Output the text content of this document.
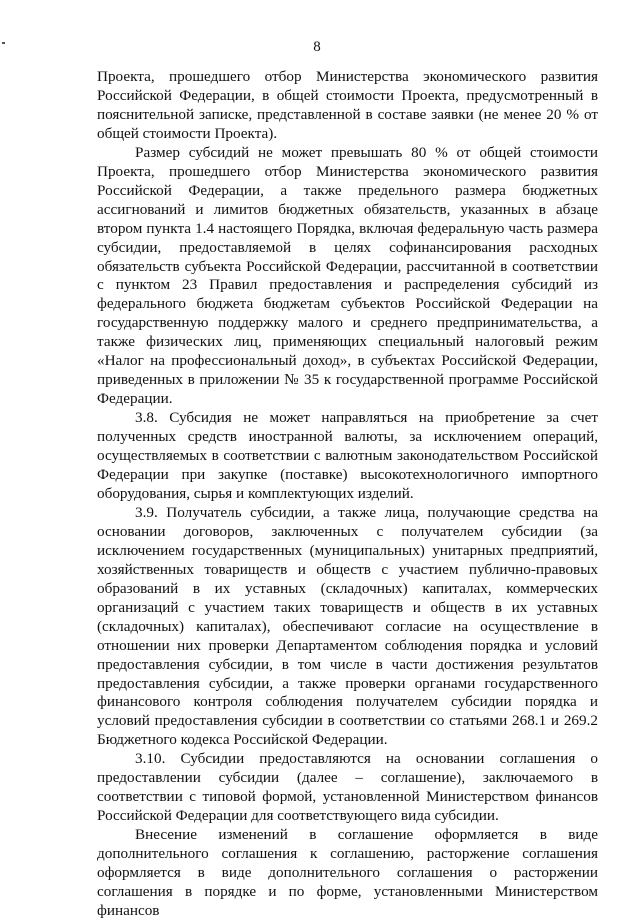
8

Проекта, прошедшего отбор Министерства экономического развития Российской Федерации, в общей стоимости Проекта, предусмотренный в пояснительной записке, представленной в составе заявки (не менее 20 % от общей стоимости Проекта).

Размер субсидий не может превышать 80 % от общей стоимости Проекта, прошедшего отбор Министерства экономического развития Российской Федерации, а также предельного размера бюджетных ассигнований и лимитов бюджетных обязательств, указанных в абзаце втором пункта 1.4 настоящего Порядка, включая федеральную часть размера субсидии, предоставляемой в целях софинансирования расходных обязательств субъекта Российской Федерации, рассчитанной в соответствии с пунктом 23 Правил предоставления и распределения субсидий из федерального бюджета бюджетам субъектов Российской Федерации на государственную поддержку малого и среднего предпринимательства, а также физических лиц, применяющих специальный налоговый режим «Налог на профессиональный доход», в субъектах Российской Федерации, приведенных в приложении № 35 к государственной программе Российской Федерации.

3.8. Субсидия не может направляться на приобретение за счет полученных средств иностранной валюты, за исключением операций, осуществляемых в соответствии с валютным законодательством Российской Федерации при закупке (поставке) высокотехнологичного импортного оборудования, сырья и комплектующих изделий.

3.9. Получатель субсидии, а также лица, получающие средства на основании договоров, заключенных с получателем субсидии (за исключением государственных (муниципальных) унитарных предприятий, хозяйственных товариществ и обществ с участием публично-правовых образований в их уставных (складочных) капиталах, коммерческих организаций с участием таких товариществ и обществ в их уставных (складочных) капиталах), обеспечивают согласие на осуществление в отношении них проверки Департаментом соблюдения порядка и условий предоставления субсидии, в том числе в части достижения результатов предоставления субсидии, а также проверки органами государственного финансового контроля соблюдения получателем субсидии порядка и условий предоставления субсидии в соответствии со статьями 268.1 и 269.2 Бюджетного кодекса Российской Федерации.

3.10. Субсидии предоставляются на основании соглашения о предоставлении субсидии (далее – соглашение), заключаемого в соответствии с типовой формой, установленной Министерством финансов Российской Федерации для соответствующего вида субсидии.

Внесение изменений в соглашение оформляется в виде дополнительного соглашения к соглашению, расторжение соглашения оформляется в виде дополнительного соглашения о расторжении соглашения в порядке и по форме, установленными Министерством финансов
